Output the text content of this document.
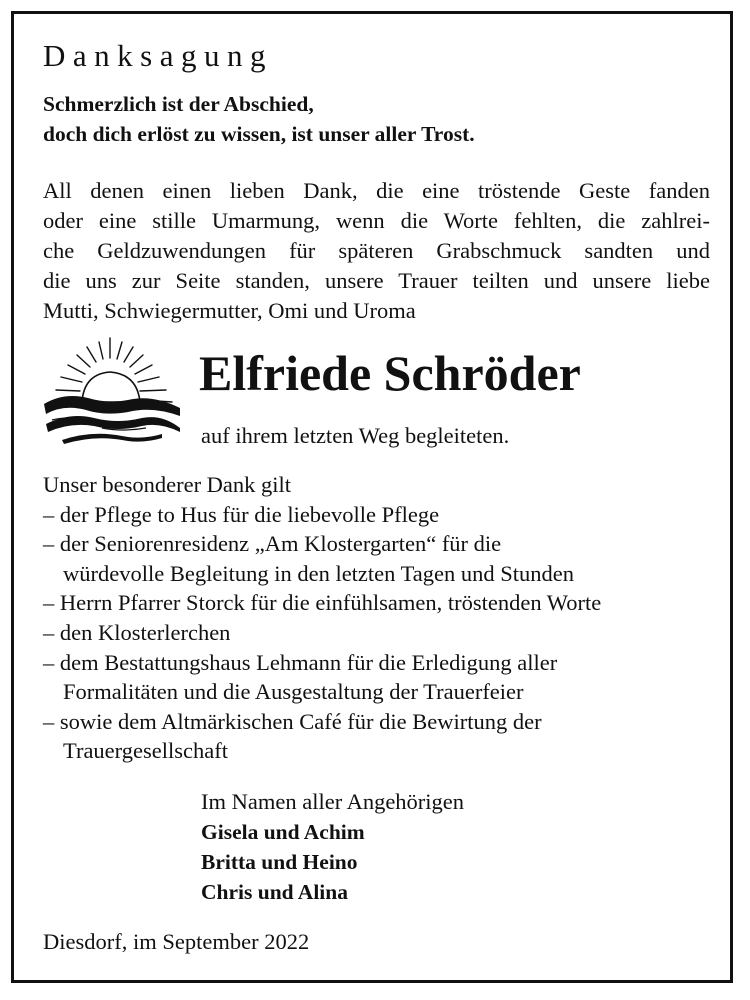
Danksagung
Schmerzlich ist der Abschied,
doch dich erlöst zu wissen, ist unser aller Trost.
All denen einen lieben Dank, die eine tröstende Geste fanden
oder eine stille Umarmung, wenn die Worte fehlten, die zahlrei-
che Geldzuwendungen für späteren Grabschmuck sandten und
die uns zur Seite standen, unsere Trauer teilten und unsere liebe
Mutti, Schwiegermutter, Omi und Uroma
Elfriede Schröder
auf ihrem letzten Weg begleiteten.
Unser besonderer Dank gilt
– der Pflege to Hus für die liebevolle Pflege
– der Seniorenresidenz „Am Klostergarten“ für die
würdevolle Begleitung in den letzten Tagen und Stunden
– Herrn Pfarrer Storck für die einfühlsamen, tröstenden Worte
– den Klosterlerchen
– dem Bestattungshaus Lehmann für die Erledigung aller
Formalitäten und die Ausgestaltung der Trauerfeier
– sowie dem Altmärkischen Café für die Bewirtung der
Trauergesellschaft
Im Namen aller Angehörigen
Gisela und Achim
Britta und Heino
Chris und Alina
Diesdorf, im September 2022
